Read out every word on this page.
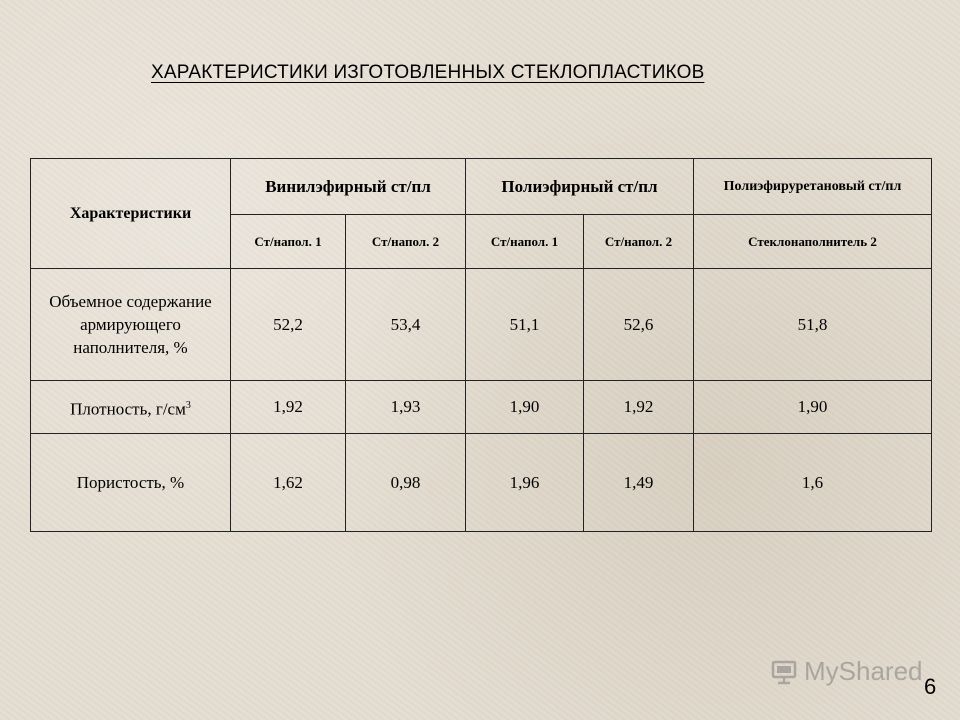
ХАРАКТЕРИСТИКИ ИЗГОТОВЛЕННЫХ СТЕКЛОПЛАСТИКОВ
Характеристики	Винилэфирный ст/пл		Полиэфирный ст/пл		Полиэфируретановый ст/пл
	Ст/напол. 1	Ст/напол. 2	Ст/напол. 1	Ст/напол. 2	Стеклонаполнитель 2
Объемное содержание армирующего наполнителя, %	52,2	53,4	51,1	52,6	51,8
Плотность, $г/см^3$	1,92	1,93	1,90	1,92	1,90
Пористость, %	1,62	0,98	1,96	1,49	1,6
MyShared
6
